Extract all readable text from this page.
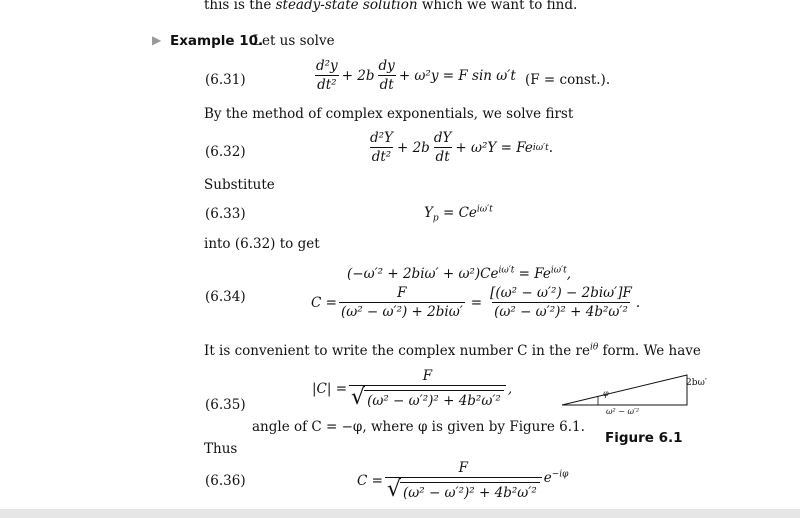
this is the steady-state solution which we want to find.
▶ Example 10.
Let us solve
(6.31)	$\frac{\text{d²y}}{\text{dt²}} + 2b \frac{dy}{dt} + \omega^2y = F$ sin ω′t (F = const.).
By the method of complex exponentials, we solve first
(6.32)	$\frac{\text{d²Y}}{\text{dt²}} + 2b \frac{dY}{dt} + \omega^2Y = Fe$ iω′t .
Substitute
(6.33)	$Y_p = Ce^{i\omega't}$
into (6.32) to get
$(-\omega'^2 + 2bi\omega' + \omega^2)Ce^{i\omega't} = Fe^{i\omega't}$,
(6.34)	$C = \frac{F}{\text{(ω² − ω′²) + 2biω′}} = \frac{\text{[(ω² − ω′²) − 2biω′]F}}{\text{(ω² − ω′²)² + 4b²ω′²}}$ .
It is convenient to write the complex number C in the $re^{i\theta}$ form. We have
$|C| = \frac{F}{\text{√ (ω² − ω′²)² + 4b²ω′²}}$ ,
(6.35)
angle of C = −φ, where φ is given by Figure 6.1.
2bω′
φ
ω² − ω′²
Figure 6.1
Thus
(6.36)	$C = \frac{F}{\text{√ (ω² − ω′²)² + 4b²ω′²}} e^{-i\varphi}$
